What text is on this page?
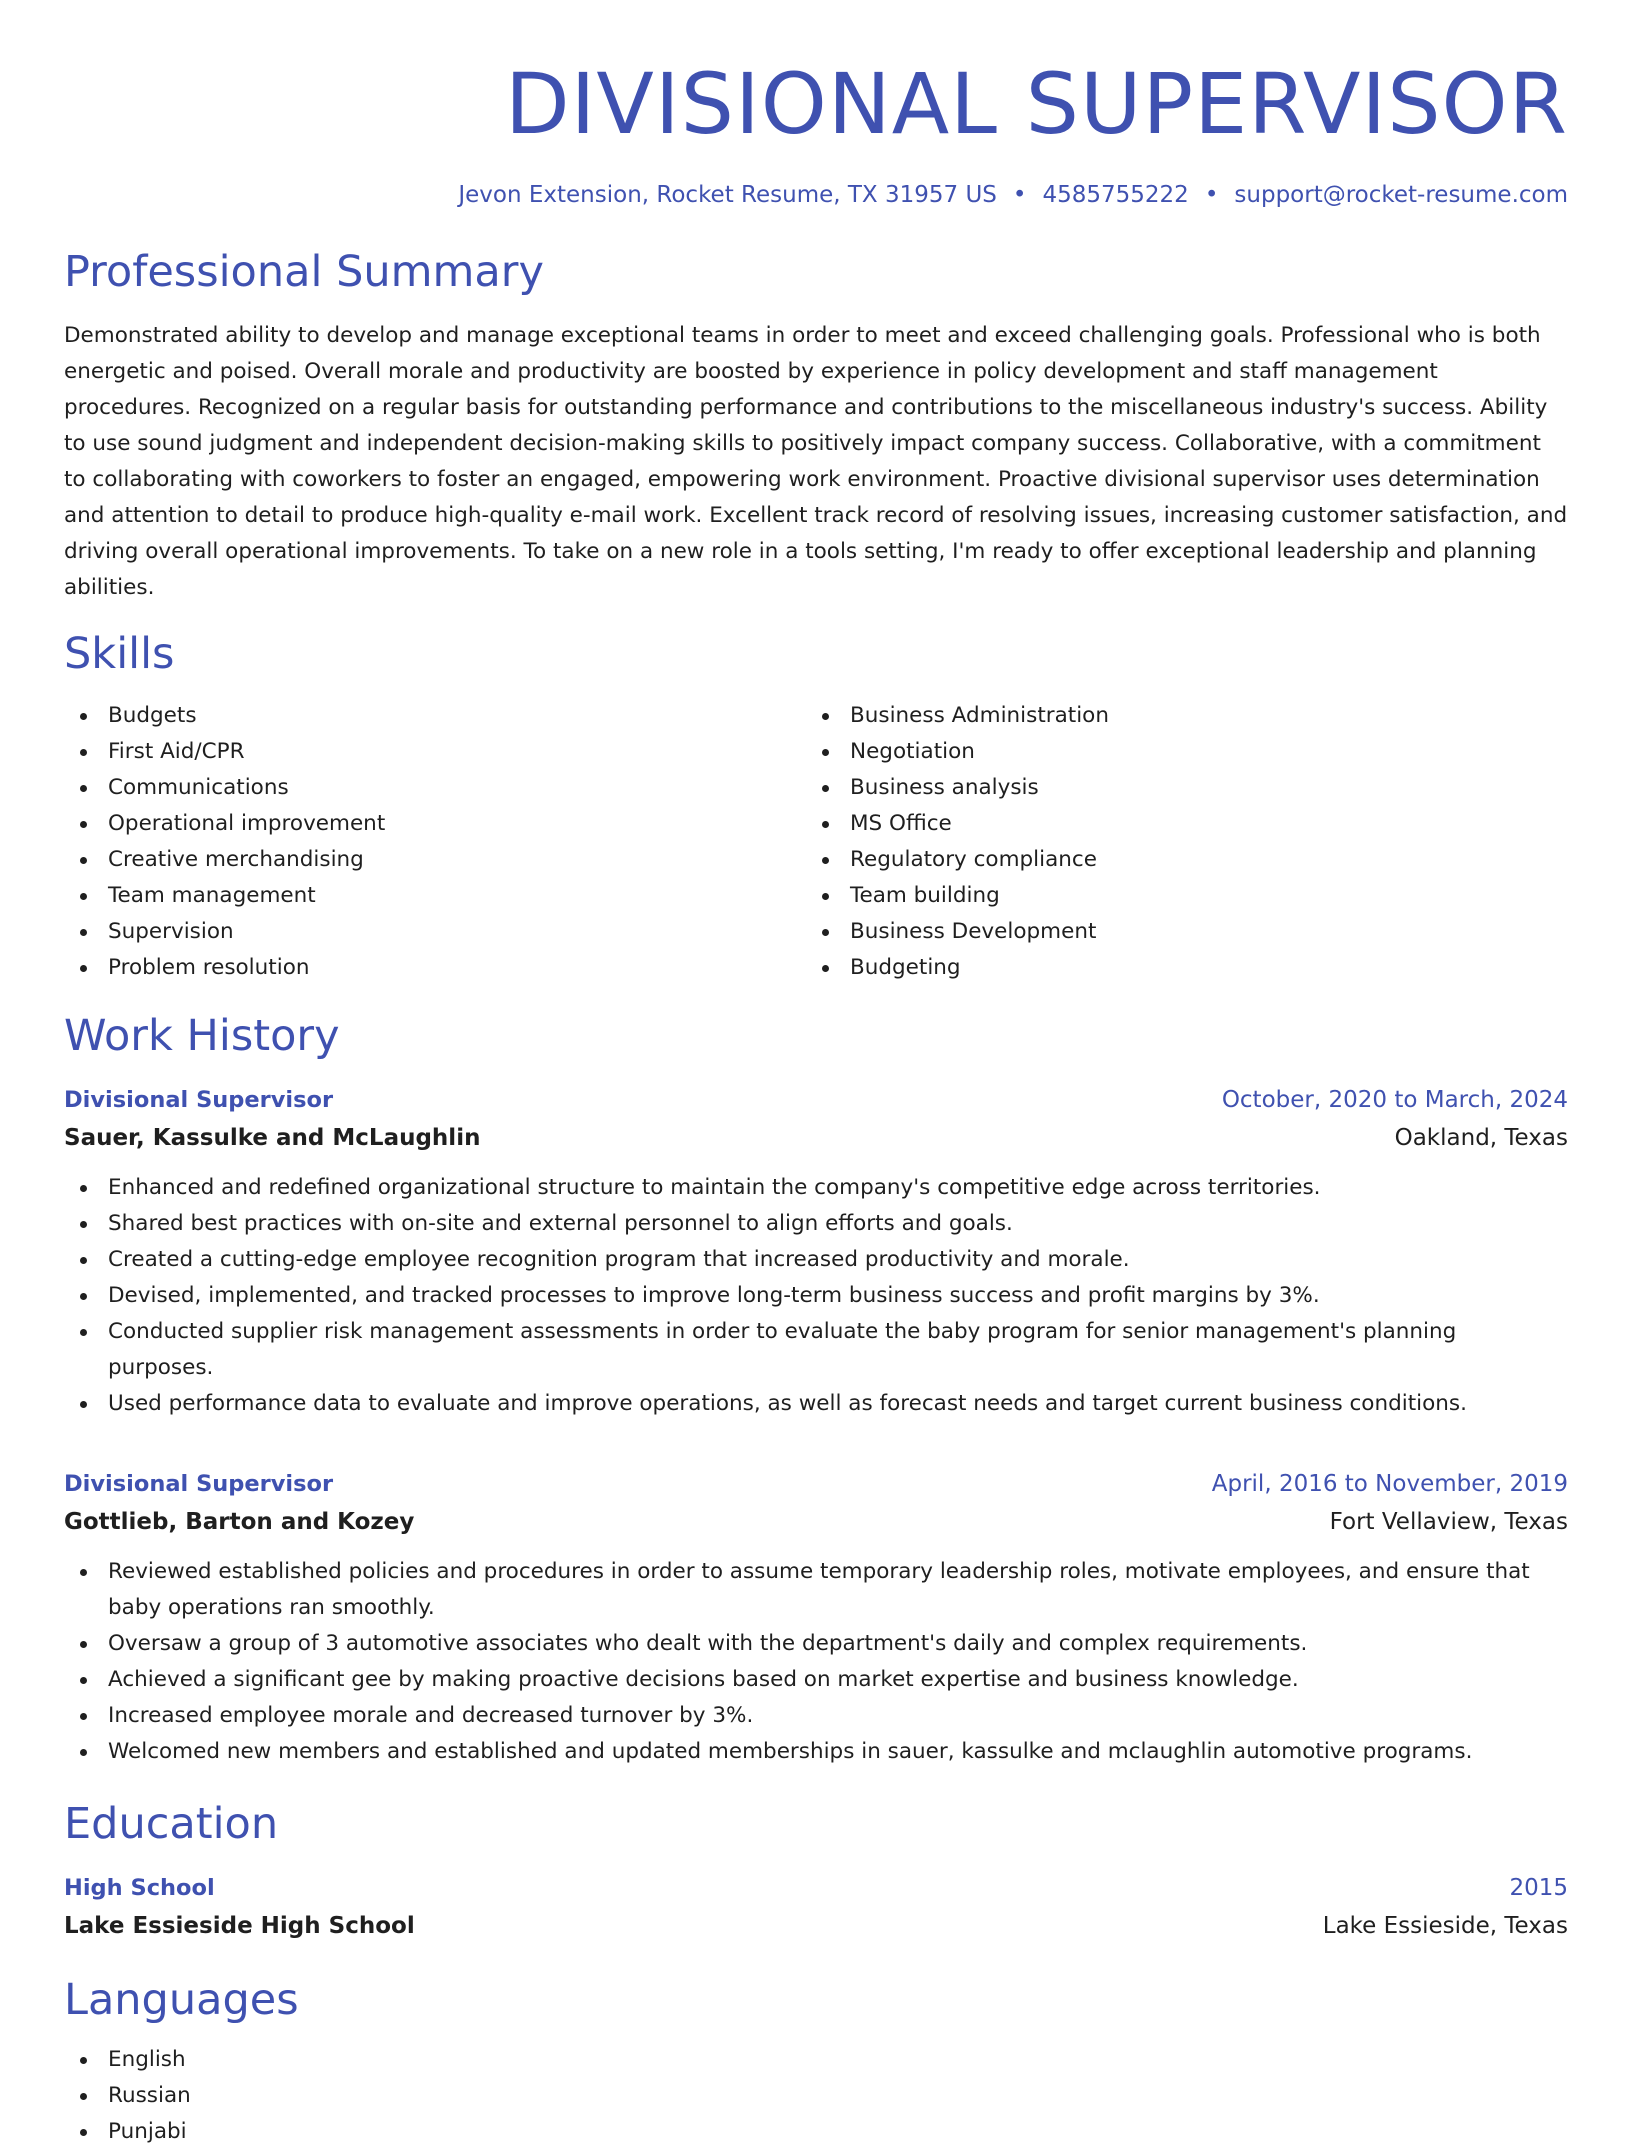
DIVISIONAL SUPERVISOR
Jevon Extension, Rocket Resume, TX 31957 US • 4585755222 • support@rocket-resume.com
Professional Summary
Demonstrated ability to develop and manage exceptional teams in order to meet and exceed challenging goals. Professional who is both energetic and poised. Overall morale and productivity are boosted by experience in policy development and staff management procedures. Recognized on a regular basis for outstanding performance and contributions to the miscellaneous industry's success. Ability to use sound judgment and independent decision-making skills to positively impact company success. Collaborative, with a commitment to collaborating with coworkers to foster an engaged, empowering work environment. Proactive divisional supervisor uses determination and attention to detail to produce high-quality e-mail work. Excellent track record of resolving issues, increasing customer satisfaction, and driving overall operational improvements. To take on a new role in a tools setting, I'm ready to offer exceptional leadership and planning abilities.
Skills
Budgets
First Aid/CPR
Communications
Operational improvement
Creative merchandising
Team management
Supervision
Problem resolution
Business Administration
Negotiation
Business analysis
MS Office
Regulatory compliance
Team building
Business Development
Budgeting
Work History
Divisional Supervisor	October, 2020 to March, 2024
Sauer, Kassulke and McLaughlin	Oakland, Texas
Enhanced and redefined organizational structure to maintain the company's competitive edge across territories.
Shared best practices with on-site and external personnel to align efforts and goals.
Created a cutting-edge employee recognition program that increased productivity and morale.
Devised, implemented, and tracked processes to improve long-term business success and profit margins by 3%.
Conducted supplier risk management assessments in order to evaluate the baby program for senior management's planning purposes.
Used performance data to evaluate and improve operations, as well as forecast needs and target current business conditions.
Divisional Supervisor	April, 2016 to November, 2019
Gottlieb, Barton and Kozey	Fort Vellaview, Texas
Reviewed established policies and procedures in order to assume temporary leadership roles, motivate employees, and ensure that baby operations ran smoothly.
Oversaw a group of 3 automotive associates who dealt with the department's daily and complex requirements.
Achieved a significant gee by making proactive decisions based on market expertise and business knowledge.
Increased employee morale and decreased turnover by 3%.
Welcomed new members and established and updated memberships in sauer, kassulke and mclaughlin automotive programs.
Education
High School	2015
Lake Essieside High School	Lake Essieside, Texas
Languages
English
Russian
Punjabi
